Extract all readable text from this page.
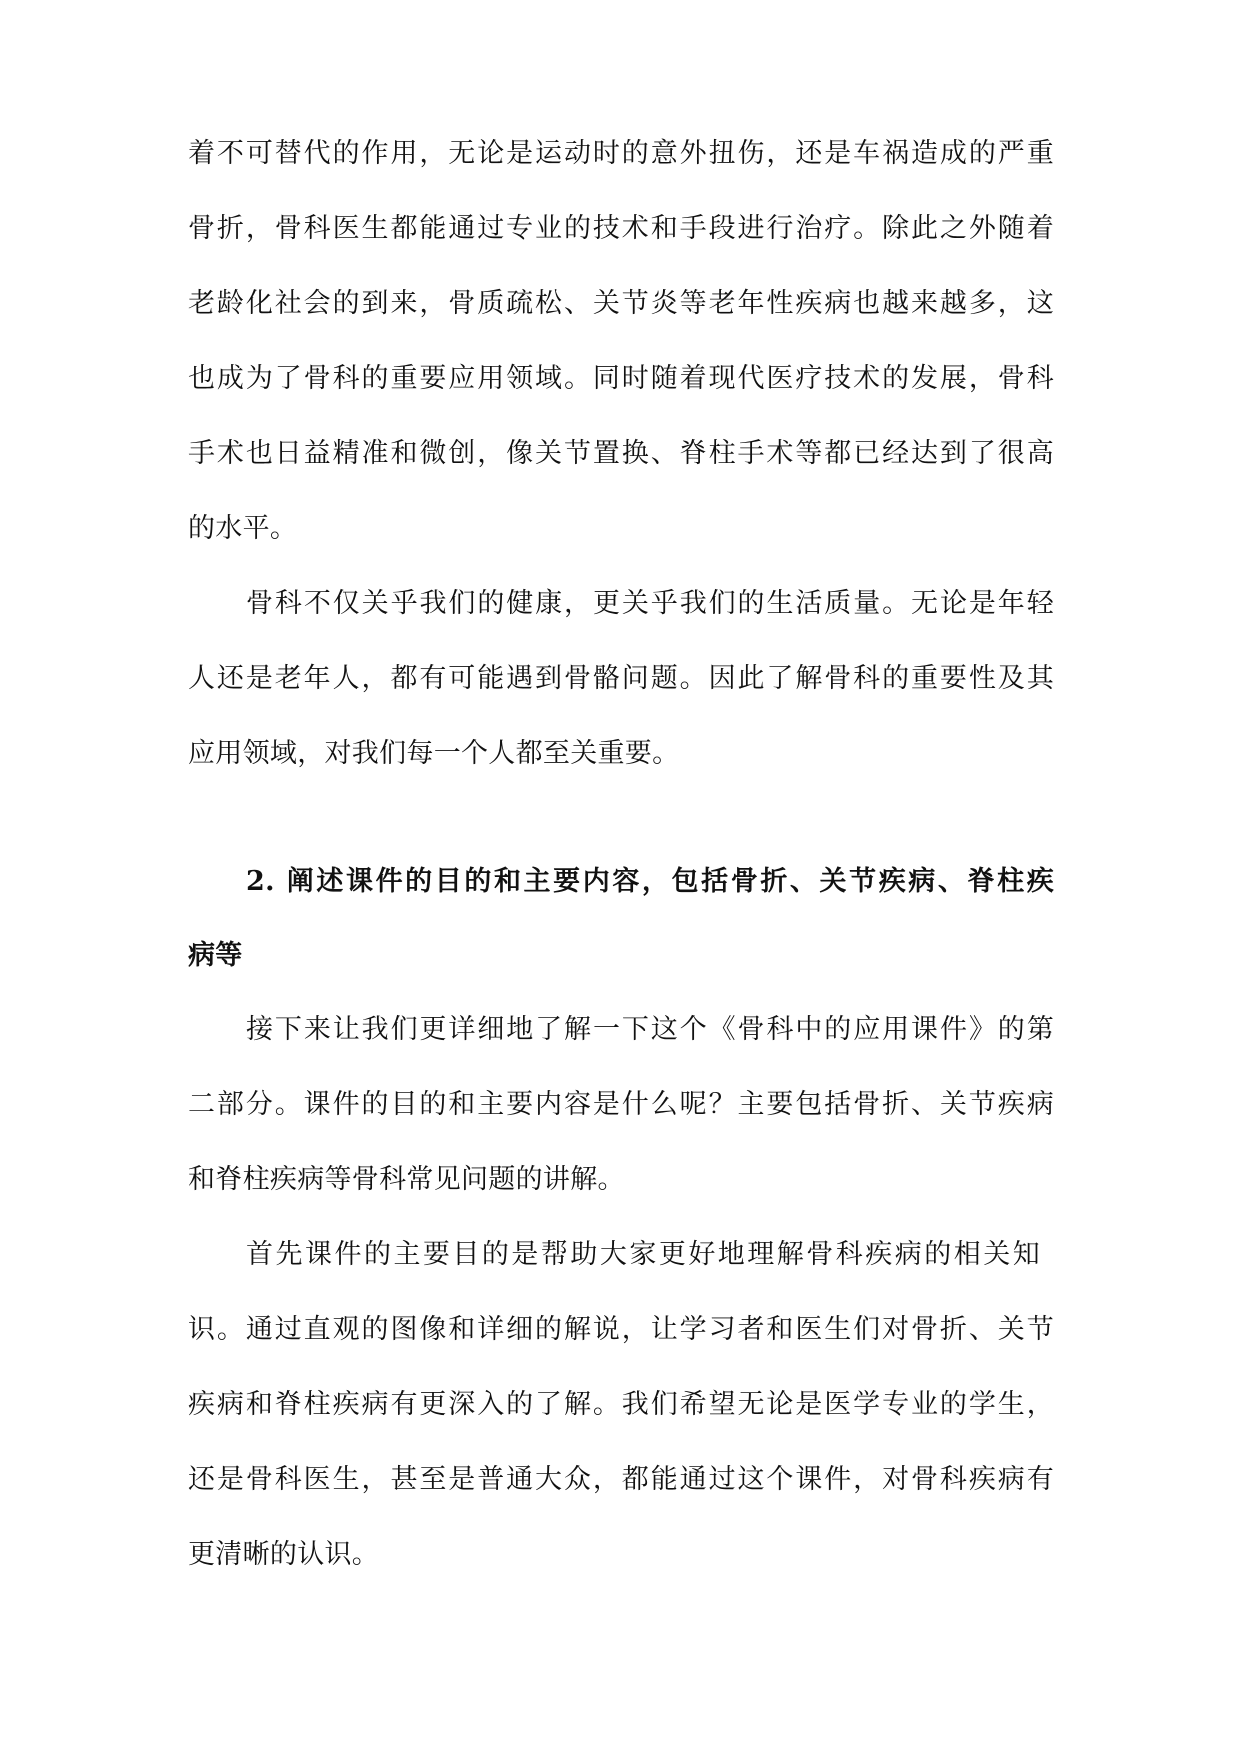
着不可替代的作用，无论是运动时的意外扭伤，还是车祸造成的严重
骨折，骨科医生都能通过专业的技术和手段进行治疗。除此之外随着
老龄化社会的到来，骨质疏松、关节炎等老年性疾病也越来越多，这
也成为了骨科的重要应用领域。同时随着现代医疗技术的发展，骨科
手术也日益精准和微创，像关节置换、脊柱手术等都已经达到了很高
的水平。
骨科不仅关乎我们的健康，更关乎我们的生活质量。无论是年轻
人还是老年人，都有可能遇到骨骼问题。因此了解骨科的重要性及其
应用领域，对我们每一个人都至关重要。
2. 阐述课件的目的和主要内容，包括骨折、关节疾病、脊柱疾
病等
接下来让我们更详细地了解一下这个《骨科中的应用课件》的第
二部分。课件的目的和主要内容是什么呢？主要包括骨折、关节疾病
和脊柱疾病等骨科常见问题的讲解。
首先课件的主要目的是帮助大家更好地理解骨科疾病的相关知
识。通过直观的图像和详细的解说，让学习者和医生们对骨折、关节
疾病和脊柱疾病有更深入的了解。我们希望无论是医学专业的学生，
还是骨科医生，甚至是普通大众，都能通过这个课件，对骨科疾病有
更清晰的认识。
